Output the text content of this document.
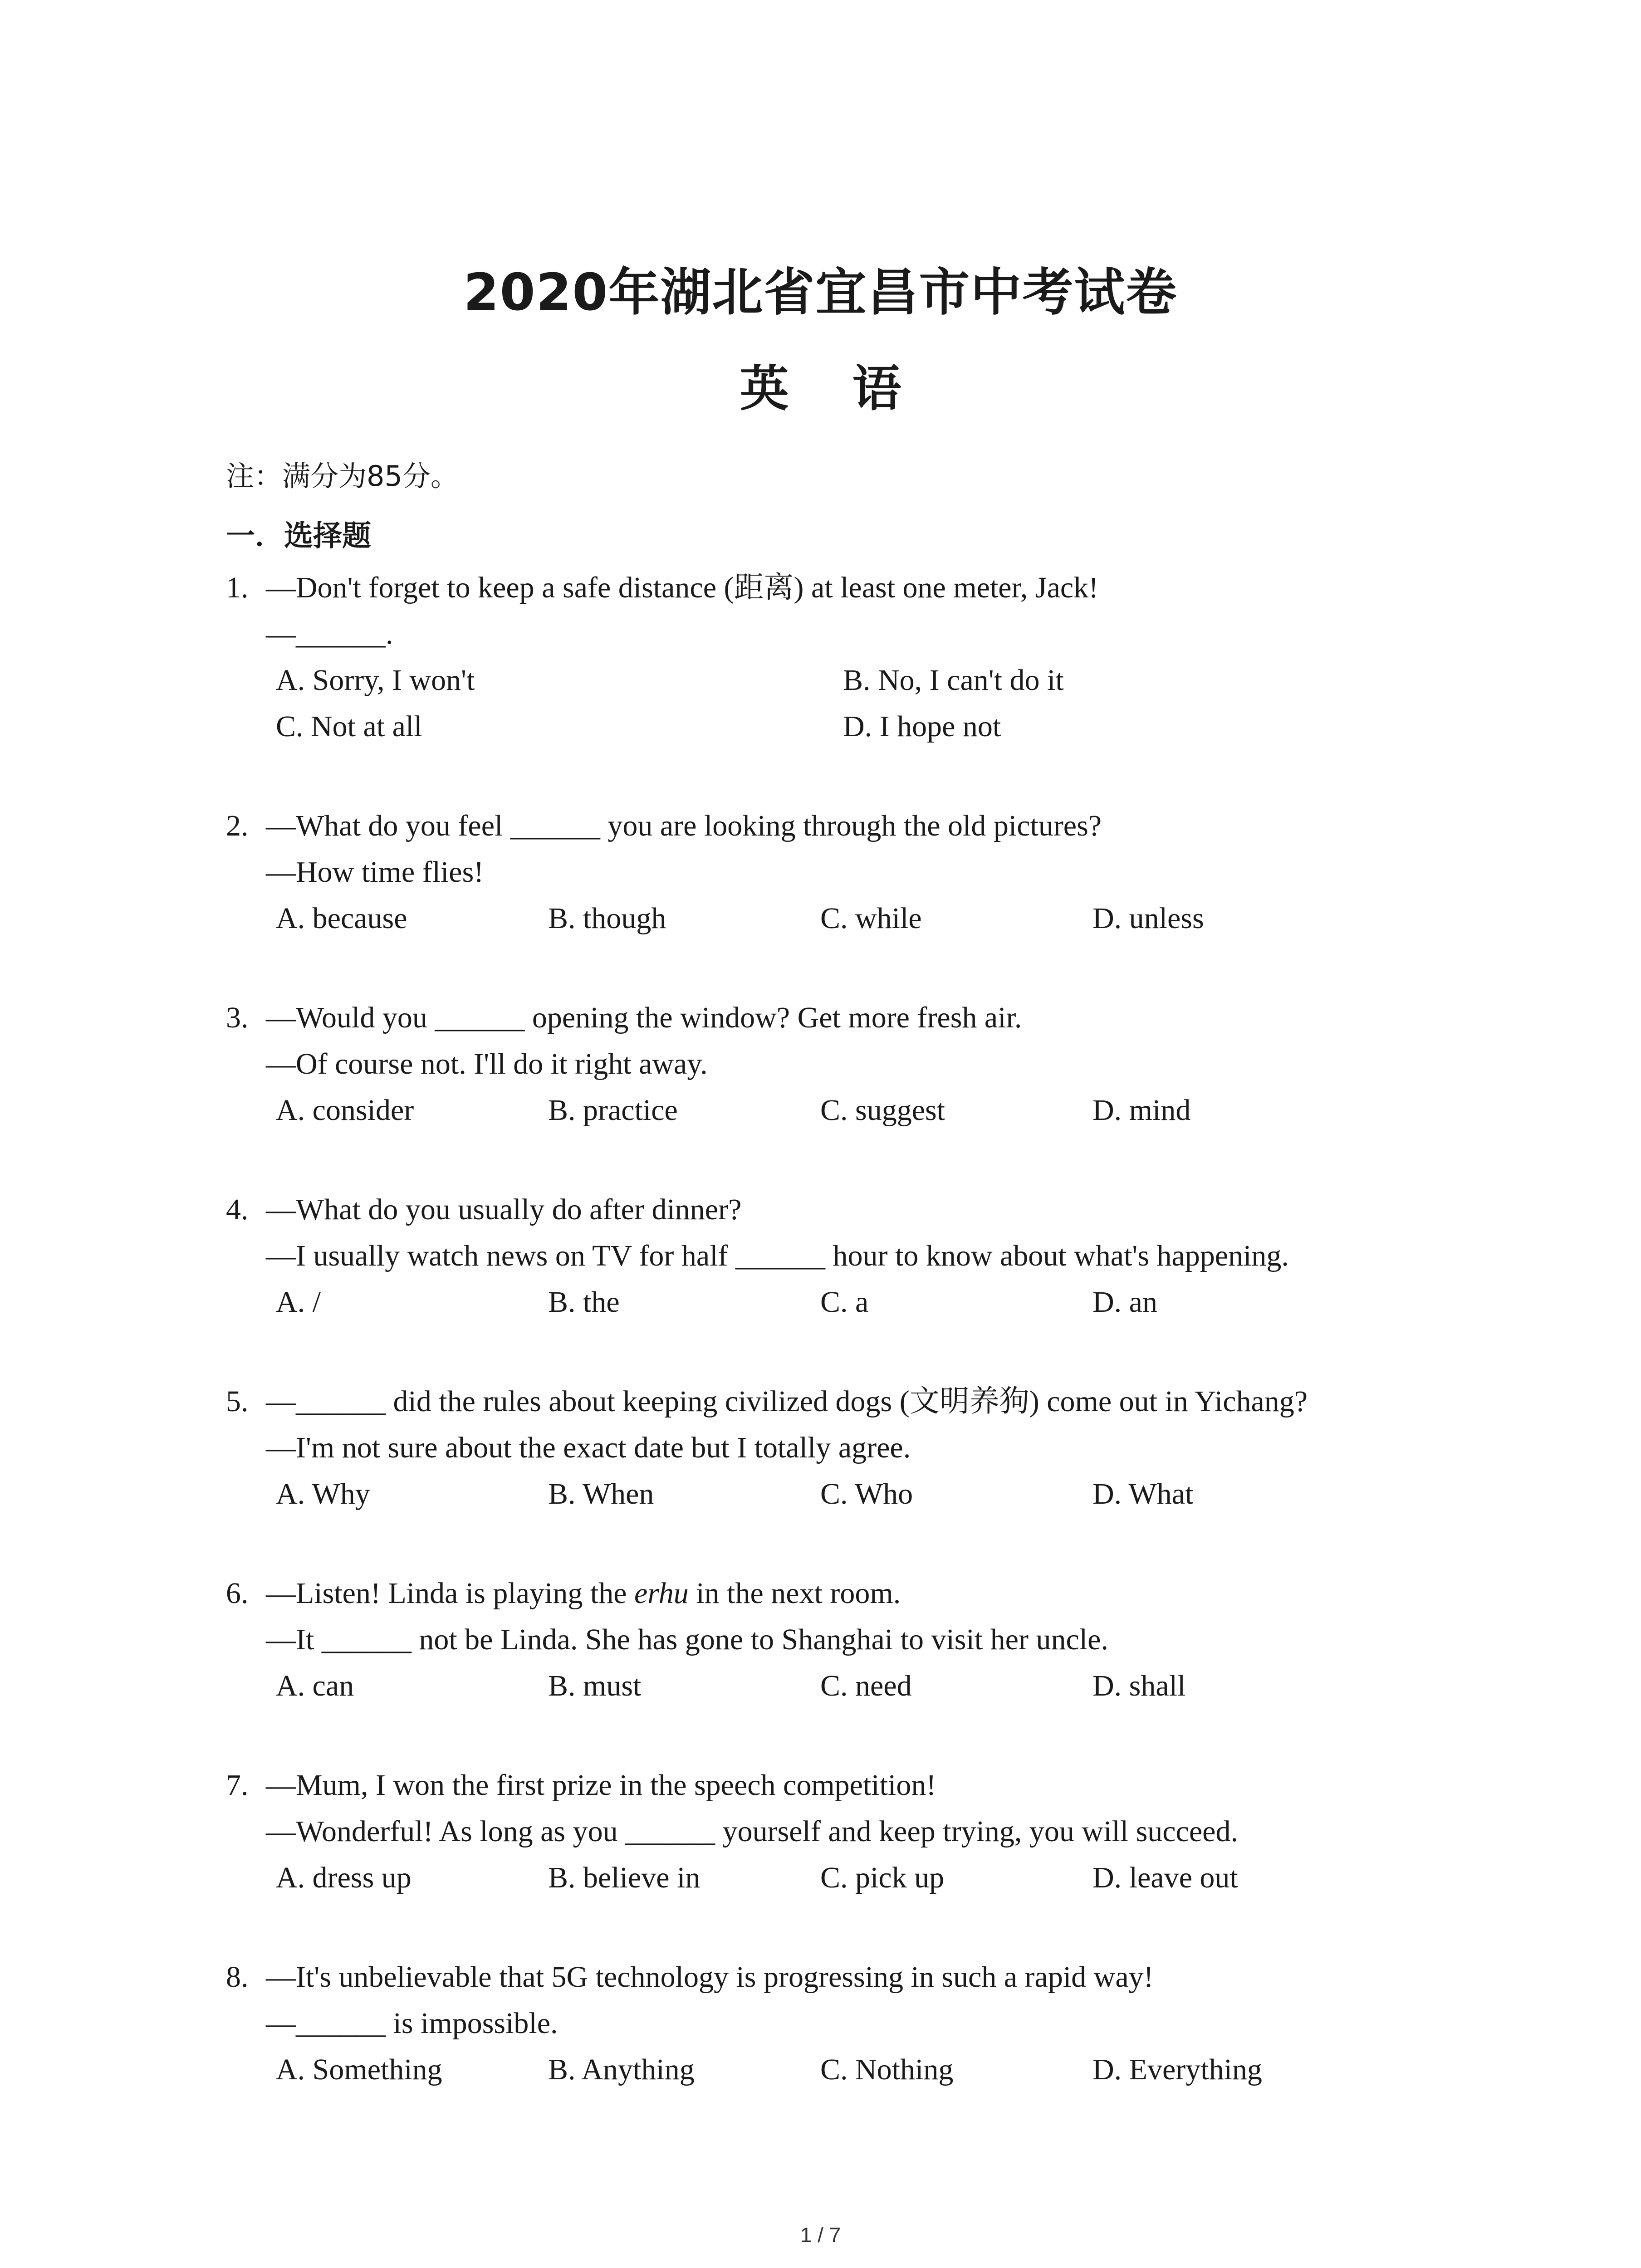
2020年湖北省宜昌市中考试卷
英 语
注：满分为85分。
一．选择题
1. —Don't forget to keep a safe distance (距离) at least one meter, Jack!
—______.
A. Sorry, I won't	B. No, I can't do it
C. Not at all	D. I hope not
2. —What do you feel ______ you are looking through the old pictures?
—How time flies!
A. because	B. though	C. while	D. unless
3. —Would you ______ opening the window? Get more fresh air.
—Of course not. I'll do it right away.
A. consider	B. practice	C. suggest	D. mind
4. —What do you usually do after dinner?
—I usually watch news on TV for half ______ hour to know about what's happening.
A. /	B. the	C. a	D. an
5. —______ did the rules about keeping civilized dogs (文明养狗) come out in Yichang?
—I'm not sure about the exact date but I totally agree.
A. Why	B. When	C. Who	D. What
6. —Listen! Linda is playing the erhu in the next room.
—It ______ not be Linda. She has gone to Shanghai to visit her uncle.
A. can	B. must	C. need	D. shall
7. —Mum, I won the first prize in the speech competition!
—Wonderful! As long as you ______ yourself and keep trying, you will succeed.
A. dress up	B. believe in	C. pick up	D. leave out
8. —It's unbelievable that 5G technology is progressing in such a rapid way!
—______ is impossible.
A. Something	B. Anything	C. Nothing	D. Everything
1 / 7
